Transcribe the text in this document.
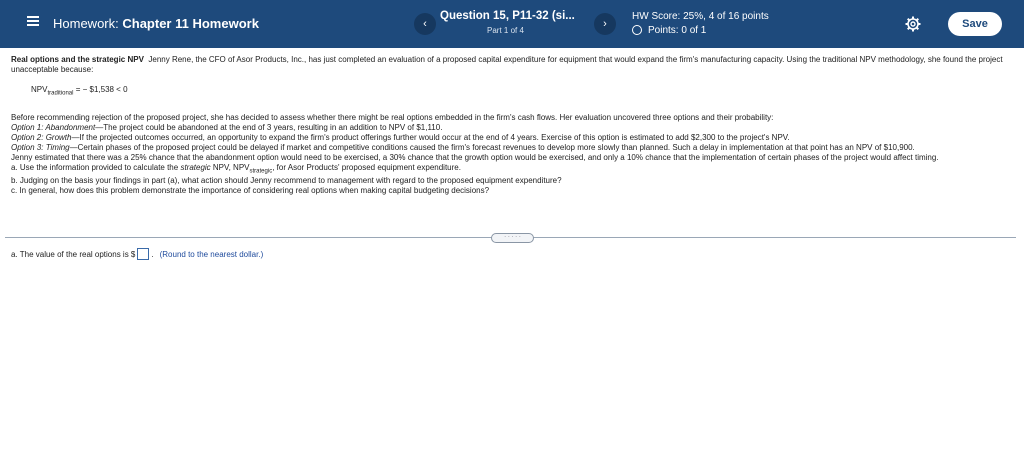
Homework: Chapter 11 Homework	‹
Question 15, P11-32 (si...
Part 1 of 4
›
HW Score: 25%, 4 of 16 points
Points: 0 of 1
Save

Real options and the strategic NPV Jenny Rene, the CFO of Asor Products, Inc., has just completed an evaluation of a proposed capital expenditure for equipment that would expand the firm's manufacturing capacity. Using the traditional NPV methodology, she found the project unacceptable because:

$NPV_{traditional}$ = − $1,538 < 0

Before recommending rejection of the proposed project, she has decided to assess whether there might be real options embedded in the firm's cash flows. Her evaluation uncovered three options and their probability:

Option 1: Abandonment—The project could be abandoned at the end of 3 years, resulting in an addition to NPV of $1,110.

Option 2: Growth—If the projected outcomes occurred, an opportunity to expand the firm's product offerings further would occur at the end of 4 years. Exercise of this option is estimated to add $2,300 to the project's NPV.

Option 3: Timing—Certain phases of the proposed project could be delayed if market and competitive conditions caused the firm's forecast revenues to develop more slowly than planned. Such a delay in implementation at that point has an NPV of $10,900.

Jenny estimated that there was a 25% chance that the abandonment option would need to be exercised, a 30% chance that the growth option would be exercised, and only a 10% chance that the implementation of certain phases of the project would affect timing.

a. Use the information provided to calculate the strategic NPV, $NPV_{strategic}$, for Asor Products' proposed equipment expenditure.

b. Judging on the basis your findings in part (a), what action should Jenny recommend to management with regard to the proposed equipment expenditure?

c. In general, how does this problem demonstrate the importance of considering real options when making capital budgeting decisions?

· · · · ·
a. The value of the real options is $ . (Round to the nearest dollar.)
